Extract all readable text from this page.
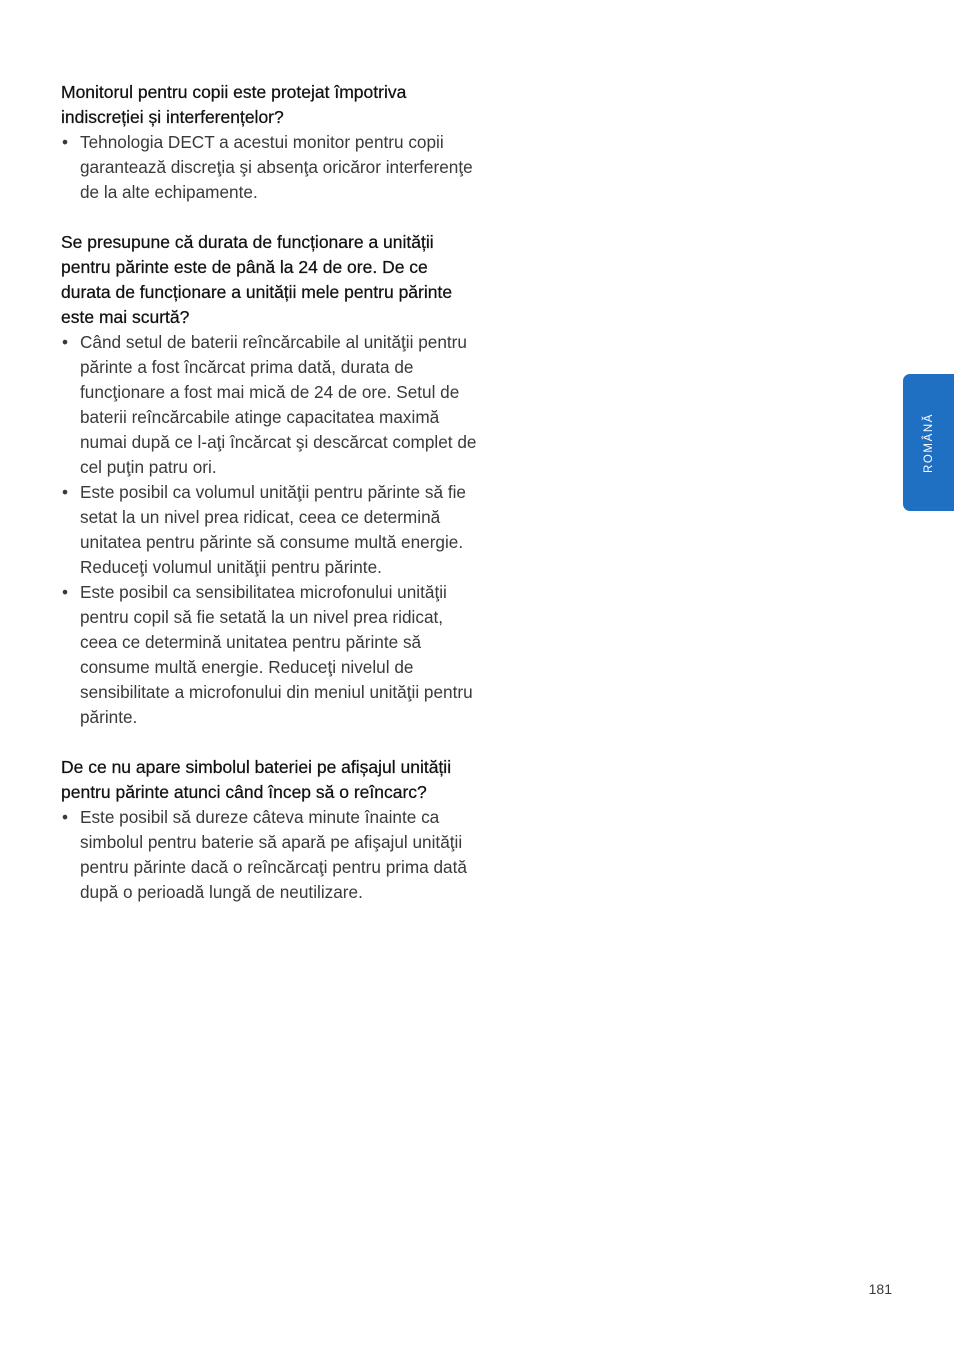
Monitorul pentru copii este protejat împotriva indiscreției și interferențelor?

• Tehnologia DECT a acestui monitor pentru copii garantează discreţia şi absenţa oricăror interferenţe de la alte echipamente.

Se presupune că durata de funcționare a unității pentru părinte este de până la 24 de ore. De ce durata de funcționare a unității mele pentru părinte este mai scurtă?

• Când setul de baterii reîncărcabile al unităţii pentru părinte a fost încărcat prima dată, durata de funcţionare a fost mai mică de 24 de ore. Setul de baterii reîncărcabile atinge capacitatea maximă numai după ce l-aţi încărcat şi descărcat complet de cel puţin patru ori.
• Este posibil ca volumul unităţii pentru părinte să fie setat la un nivel prea ridicat, ceea ce determină unitatea pentru părinte să consume multă energie. Reduceţi volumul unităţii pentru părinte.
• Este posibil ca sensibilitatea microfonului unităţii pentru copil să fie setată la un nivel prea ridicat, ceea ce determină unitatea pentru părinte să consume multă energie. Reduceţi nivelul de sensibilitate a microfonului din meniul unităţii pentru părinte.

De ce nu apare simbolul bateriei pe afișajul unității pentru părinte atunci când încep să o reîncarc?

• Este posibil să dureze câteva minute înainte ca simbolul pentru baterie să apară pe afişajul unităţii pentru părinte dacă o reîncărcaţi pentru prima dată după o perioadă lungă de neutilizare.
ROMÂNĂ
181
